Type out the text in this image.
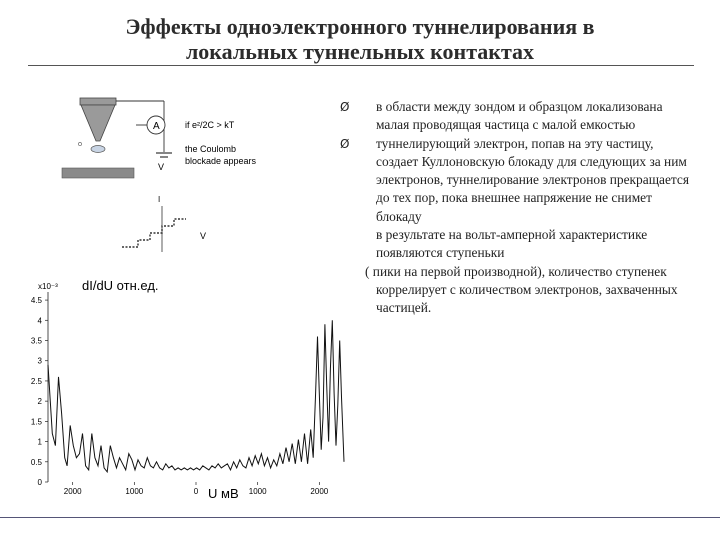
Эффекты одноэлектронного туннелирования в
локальных туннельных контактах
A
V
if e²/2C > kT
the Coulomb
blockade appears
I
V
x10⁻³ dI/dU отн.ед.
0
0.5
1
1.5
2
2.5
3
3.5
4
4.5
2000	1000	0	1000	2000
U мВ
Ø в области между зондом и образцом локализована малая проводящая частица с малой емкостью
Ø туннелирующий электрон, попав на эту частицу, создает Куллоновскую блокаду для следующих за ним электронов, туннелирование электронов прекращается до тех пор, пока внешнее напряжение не снимет блокаду
в результате на вольт-амперной характеристике появляются ступеньки
( пики на первой производной), количество ступенек коррелирует с количеством электронов, захваченных частицей.
